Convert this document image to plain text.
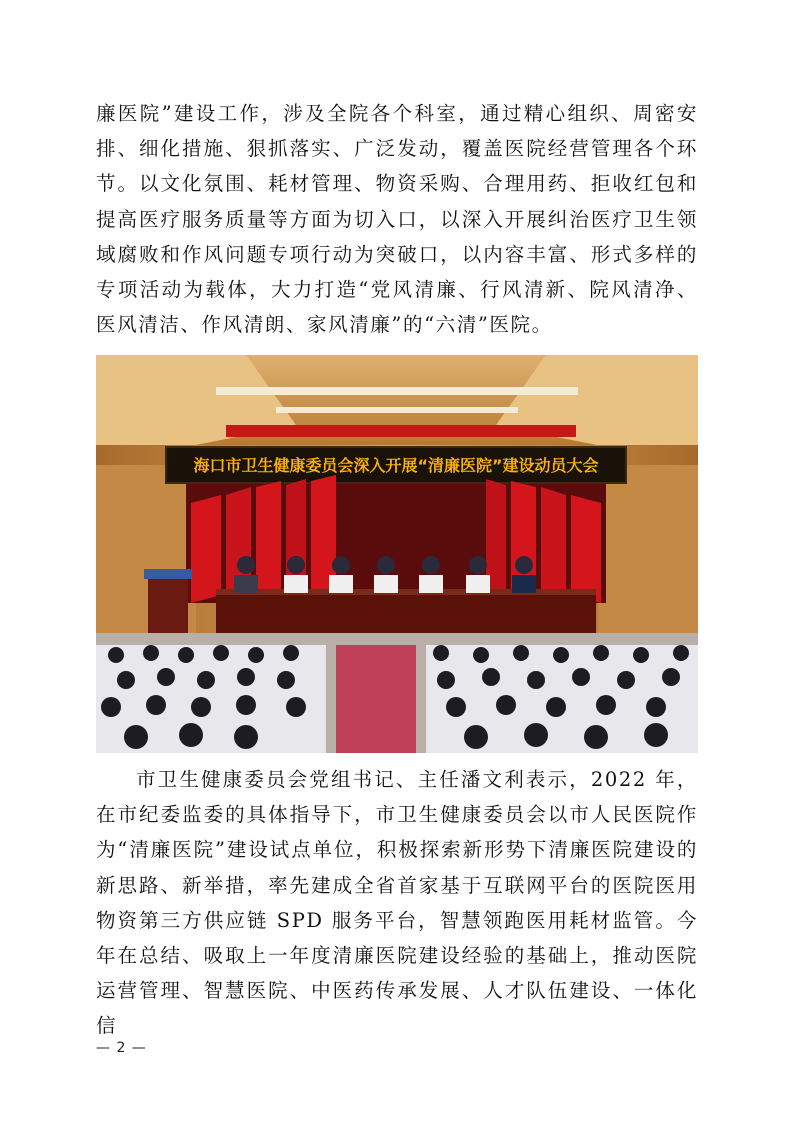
廉医院”建设工作，涉及全院各个科室，通过精心组织、周密安排、细化措施、狠抓落实、广泛发动，覆盖医院经营管理各个环节。以文化氛围、耗材管理、物资采购、合理用药、拒收红包和提高医疗服务质量等方面为切入口，以深入开展纠治医疗卫生领域腐败和作风问题专项行动为突破口，以内容丰富、形式多样的专项活动为载体，大力打造“党风清廉、行风清新、院风清净、医风清洁、作风清朗、家风清廉”的“六清”医院。

海口市卫生健康委员会深入开展“清廉医院”建设动员大会

市卫生健康委员会党组书记、主任潘文利表示，2022 年，在市纪委监委的具体指导下，市卫生健康委员会以市人民医院作为“清廉医院”建设试点单位，积极探索新形势下清廉医院建设的新思路、新举措，率先建成全省首家基于互联网平台的医院医用物资第三方供应链 SPD 服务平台，智慧领跑医用耗材监管。今年在总结、吸取上一年度清廉医院建设经验的基础上，推动医院运营管理、智慧医院、中医药传承发展、人才队伍建设、一体化信

— 2 —
